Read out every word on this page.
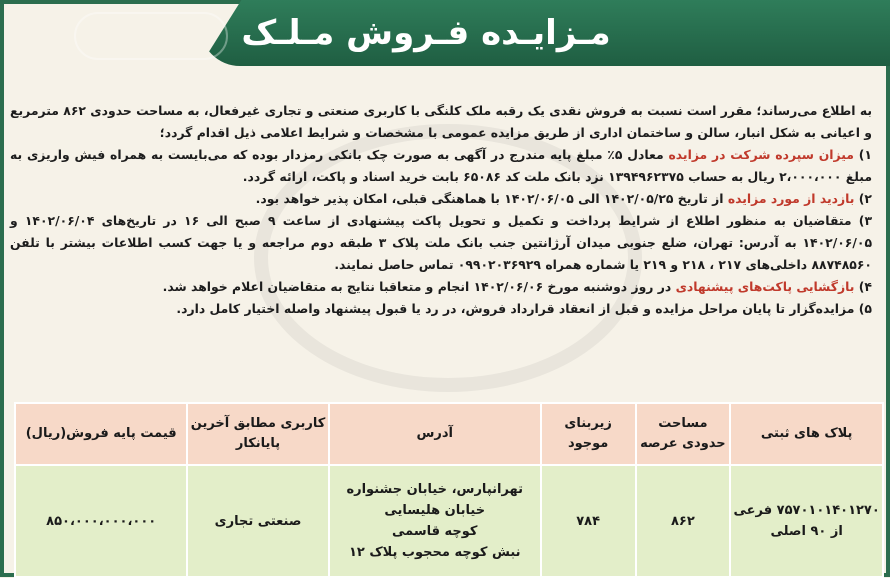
مـزایـده فـروش مـلـک

به اطلاع می‌رساند؛ مقرر است نسبت به فروش نقدی یک رقبه ملک کلنگی با کاربری صنعتی و تجاری غیرفعال، به مساحت حدودی ۸۶۲ مترمربع و اعیانی به شکل انبار، سالن و ساختمان اداری از طریق مزایده عمومی با مشخصات و شرایط اعلامی ذیل اقدام گردد؛

۱) میزان سپرده شرکت در مزایده معادل ۵٪ مبلغ پایه مندرج در آگهی به صورت چک بانکی رمزدار بوده که می‌بایست به همراه فیش واریزی به مبلغ ۲،۰۰۰،۰۰۰ ریال به حساب ۱۳۹۴۹۶۲۳۷۵ نزد بانک ملت کد ۶۵۰۸۶ بابت خرید اسناد و پاکت، ارائه گردد.

۲) بازدید از مورد مزایده از تاریخ ۱۴۰۲/۰۵/۲۵ الی ۱۴۰۲/۰۶/۰۵ با هماهنگی قبلی، امکان پذیر خواهد بود.

۳) متقاضیان به منظور اطلاع از شرایط پرداخت و تکمیل و تحویل پاکت پیشنهادی از ساعت ۹ صبح الی ۱۶ در تاریخ‌های ۱۴۰۲/۰۶/۰۴ و ۱۴۰۲/۰۶/۰۵ به آدرس: تهران، ضلع جنوبی میدان آرژانتین جنب بانک ملت پلاک ۳ طبقه دوم مراجعه و یا جهت کسب اطلاعات بیشتر با تلفن ۸۸۷۴۸۵۶۰ داخلی‌های ۲۱۷ ، ۲۱۸ و ۲۱۹ یا شماره همراه ۰۹۹۰۲۰۳۶۹۲۹ تماس حاصل نمایند.

۴) بازگشایی پاکت‌های پیشنهادی در روز دوشنبه مورخ ۱۴۰۲/۰۶/۰۶ انجام و متعاقبا نتایج به متقاضیان اعلام خواهد شد.

۵) مزایده‌گزار تا پایان مراحل مزایده و قبل از انعقاد قرارداد فروش، در رد یا قبول پیشنهاد واصله اختیار کامل دارد.

پلاک های ثبتی	مساحت حدودی عرصه	زیربنای موجود	آدرس	کاربری مطابق آخرین پایانکار	قیمت پایه فروش(ریال)

۷۵۷۰۱۰۱۴۰۱۲۷۰ فرعی
از ۹۰ اصلی	۸۶۲	۷۸۴	تهرانپارس، خیابان جشنواره
خیابان هلیسایی
کوچه قاسمی
نبش کوچه محجوب پلاک ۱۲	صنعتی تجاری	۸۵۰،۰۰۰،۰۰۰،۰۰۰
